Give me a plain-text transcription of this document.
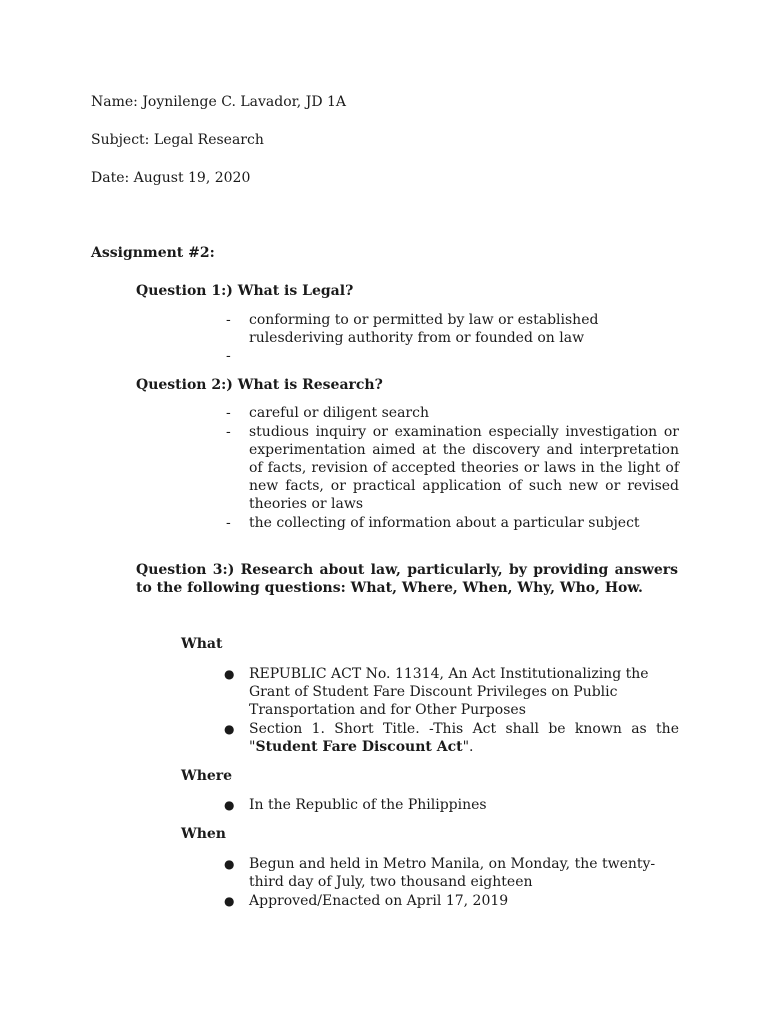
Name: Joynilenge C. Lavador, JD 1A
Subject: Legal Research
Date: August 19, 2020
Assignment #2:
Question 1:) What is Legal?
-	conforming to or permitted by law or established rulesderiving authority from or founded on law
-
Question 2:) What is Research?
-	careful or diligent search
-	studious inquiry or examination especially investigation or experimentation aimed at the discovery and interpretation of facts, revision of accepted theories or laws in the light of new facts, or practical application of such new or revised theories or laws
-	the collecting of information about a particular subject
Question 3:) Research about law, particularly, by providing answers to the following questions: What, Where, When, Why, Who, How.
What
● REPUBLIC ACT No. 11314, An Act Institutionalizing the Grant of Student Fare Discount Privileges on Public Transportation and for Other Purposes
● Section 1. Short Title. -This Act shall be known as the "Student Fare Discount Act".
Where
● In the Republic of the Philippines
When
● Begun and held in Metro Manila, on Monday, the twenty-third day of July, two thousand eighteen
● Approved/Enacted on April 17, 2019
